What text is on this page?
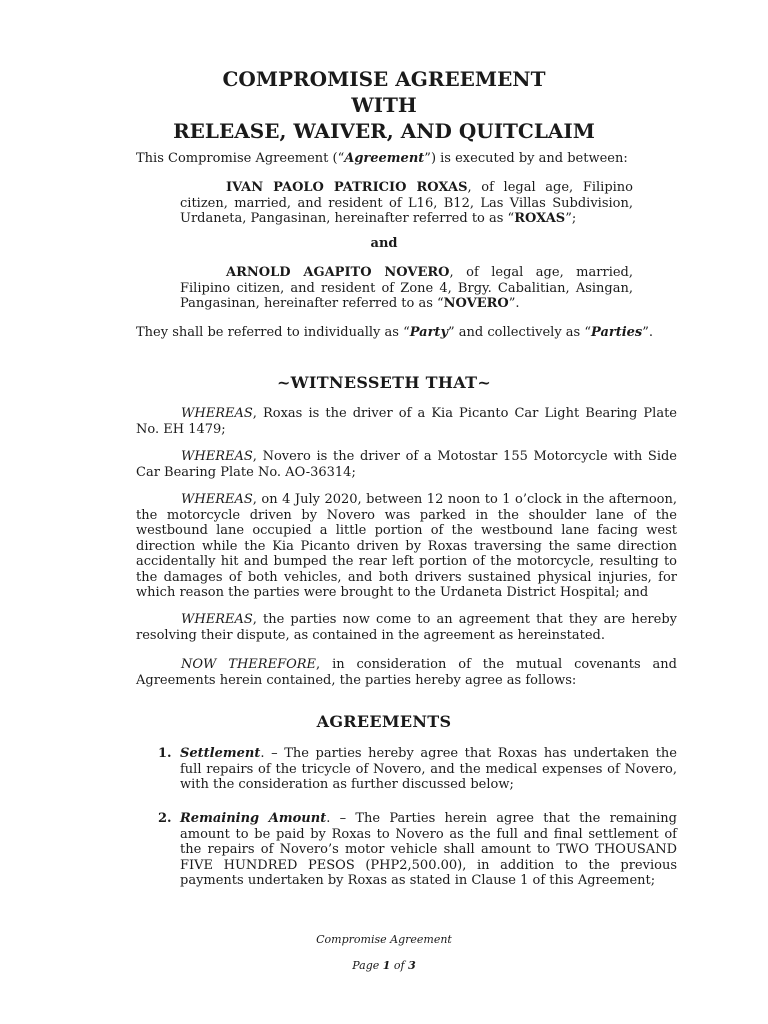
COMPROMISE AGREEMENT
WITH
RELEASE, WAIVER, AND QUITCLAIM
This Compromise Agreement (“Agreement”) is executed by and between:
IVAN PAOLO PATRICIO ROXAS, of legal age, Filipino citizen, married, and resident of L16, B12, Las Villas Subdivision, Urdaneta, Pangasinan, hereinafter referred to as “ROXAS”;
and
ARNOLD AGAPITO NOVERO, of legal age, married, Filipino citizen, and resident of Zone 4, Brgy. Cabalitian, Asingan, Pangasinan, hereinafter referred to as “NOVERO”.
They shall be referred to individually as “Party” and collectively as “Parties”.
~WITNESSETH THAT~
WHEREAS, Roxas is the driver of a Kia Picanto Car Light Bearing Plate No. EH 1479;
WHEREAS, Novero is the driver of a Motostar 155 Motorcycle with Side Car Bearing Plate No. AO-36314;
WHEREAS, on 4 July 2020, between 12 noon to 1 o’clock in the afternoon, the motorcycle driven by Novero was parked in the shoulder lane of the westbound lane occupied a little portion of the westbound lane facing west direction while the Kia Picanto driven by Roxas traversing the same direction accidentally hit and bumped the rear left portion of the motorcycle, resulting to the damages of both vehicles, and both drivers sustained physical injuries, for which reason the parties were brought to the Urdaneta District Hospital; and
WHEREAS, the parties now come to an agreement that they are hereby resolving their dispute, as contained in the agreement as hereinstated.
NOW THEREFORE, in consideration of the mutual covenants and Agreements herein contained, the parties hereby agree as follows:
AGREEMENTS
1. Settlement. – The parties hereby agree that Roxas has undertaken the full repairs of the tricycle of Novero, and the medical expenses of Novero, with the consideration as further discussed below;
2. Remaining Amount. – The Parties herein agree that the remaining amount to be paid by Roxas to Novero as the full and final settlement of the repairs of Novero’s motor vehicle shall amount to TWO THOUSAND FIVE HUNDRED PESOS (PHP2,500.00), in addition to the previous payments undertaken by Roxas as stated in Clause 1 of this Agreement;
Compromise Agreement
Page 1 of 3
